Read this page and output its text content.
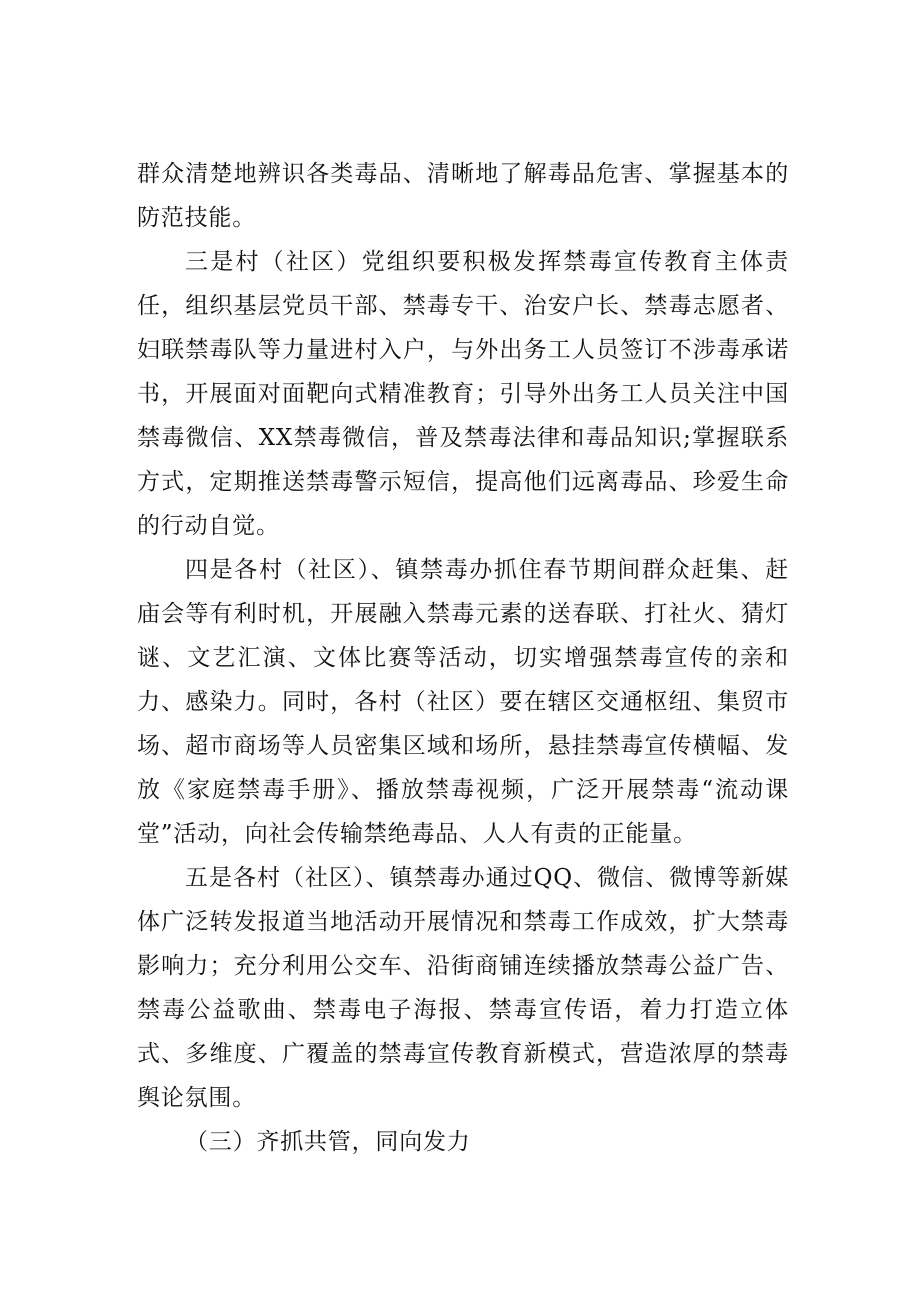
群众清楚地辨识各类毒品、清晰地了解毒品危害、掌握基本的防范技能。

三是村（社区）党组织要积极发挥禁毒宣传教育主体责任，组织基层党员干部、禁毒专干、治安户长、禁毒志愿者、妇联禁毒队等力量进村入户，与外出务工人员签订不涉毒承诺书，开展面对面靶向式精准教育；引导外出务工人员关注中国禁毒微信、XX禁毒微信，普及禁毒法律和毒品知识;掌握联系方式，定期推送禁毒警示短信，提高他们远离毒品、珍爱生命的行动自觉。

四是各村（社区）、镇禁毒办抓住春节期间群众赶集、赶庙会等有利时机，开展融入禁毒元素的送春联、打社火、猜灯谜、文艺汇演、文体比赛等活动，切实增强禁毒宣传的亲和力、感染力。同时，各村（社区）要在辖区交通枢纽、集贸市场、超市商场等人员密集区域和场所，悬挂禁毒宣传横幅、发放《家庭禁毒手册》、播放禁毒视频，广泛开展禁毒“流动课堂”活动，向社会传输禁绝毒品、人人有责的正能量。

五是各村（社区）、镇禁毒办通过QQ、微信、微博等新媒体广泛转发报道当地活动开展情况和禁毒工作成效，扩大禁毒影响力；充分利用公交车、沿街商铺连续播放禁毒公益广告、禁毒公益歌曲、禁毒电子海报、禁毒宣传语，着力打造立体式、多维度、广覆盖的禁毒宣传教育新模式，营造浓厚的禁毒舆论氛围。

（三）齐抓共管，同向发力
